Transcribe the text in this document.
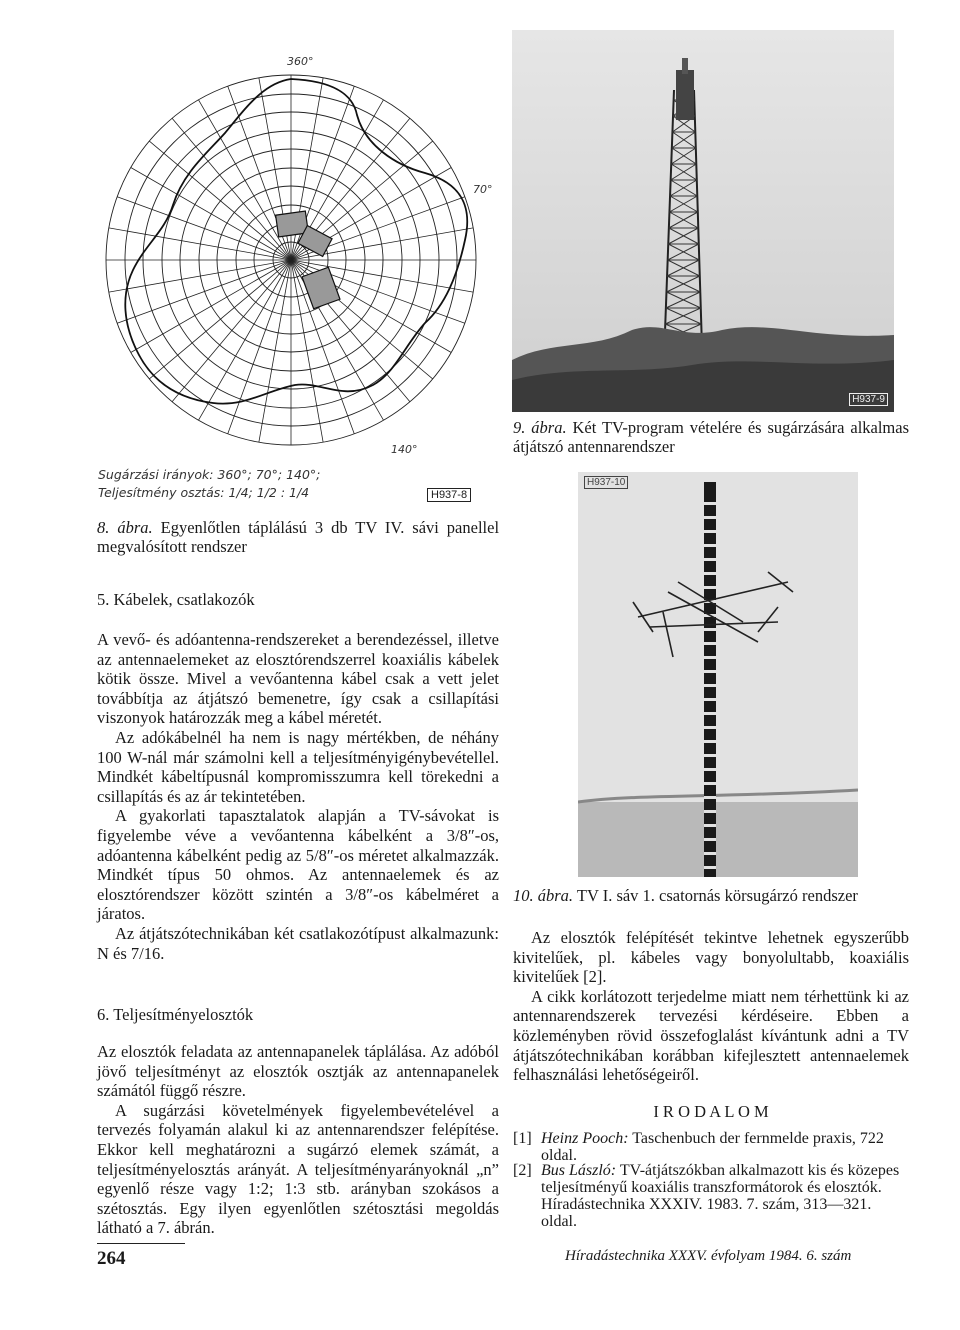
360°
70°
140°
Sugárzási irányok: 360°; 70°; 140°;
Teljesítmény osztás: 1/4; 1/2 : 1/4	H937-8
8. ábra. Egyenlőtlen táplálású 3 db TV IV. sávi panellel megvalósított rendszer
H937-9
9. ábra. Két TV-program vételére és sugárzására alkalmas átjátszó antennarendszer
H937-10
10. ábra. TV I. sáv 1. csatornás körsugárzó rendszer
5. Kábelek, csatlakozók

A vevő- és adóantenna-rendszereket a berendezéssel, illetve az antennaelemeket az elosztórendszerrel koaxiális kábelek kötik össze. Mivel a vevőantenna kábel csak a vett jelet továbbítja az átjátszó bemenetre, így csak a csillapítási viszonyok határozzák meg a kábel méretét.

Az adókábelnél ha nem is nagy mértékben, de néhány 100 W-nál már számolni kell a teljesítményigénybevétellel. Mindkét kábeltípusnál kompromisszumra kell törekedni a csillapítás és az ár tekintetében.

A gyakorlati tapasztalatok alapján a TV-sávokat is figyelembe véve a vevőantenna kábelként a 3/8″-os, adóantenna kábelként pedig az 5/8″-os méretet alkalmazzák. Mindkét típus 50 ohmos. Az antennaelemek és az elosztórendszer között szintén a 3/8″-os kábelméret a járatos.

Az átjátszótechnikában két csatlakozótípust alkalmazunk: N és 7/16.

6. Teljesítményelosztók

Az elosztók feladata az antennapanelek táplálása. Az adóból jövő teljesítményt az elosztók osztják az antennapanelek számától függő részre.

A sugárzási követelmények figyelembevételével a tervezés folyamán alakul ki az antennarendszer felépítése. Ekkor kell meghatározni a sugárzó elemek számát, a teljesítményelosztás arányát. A teljesítményarányoknál „n” egyenlő része vagy 1:2; 1:3 stb. arányban szokásos a szétosztás. Egy ilyen egyenlőtlen szétosztási megoldás látható a 7. ábrán.

Az elosztók felépítését tekintve lehetnek egyszerűbb kivitelűek, pl. kábeles vagy bonyolultabb, koaxiális kivitelűek [2].

A cikk korlátozott terjedelme miatt nem térhettünk ki az antennarendszerek tervezési kérdéseire. Ebben a közleményben rövid összefoglalást kívántunk adni a TV átjátszótechnikában korábban kifejlesztett antennaelemek felhasználási lehetőségeiről.

I R O D A L O M
[1] Heinz Pooch: Taschenbuch der fernmelde praxis, 722 oldal.
[2] Bus László: TV-átjátszókban alkalmazott kis és közepes teljesítményű koaxiális transzformátorok és elosztók. Híradástechnika XXXIV. 1983. 7. szám, 313—321. oldal.
264	Híradástechnika XXXV. évfolyam 1984. 6. szám
